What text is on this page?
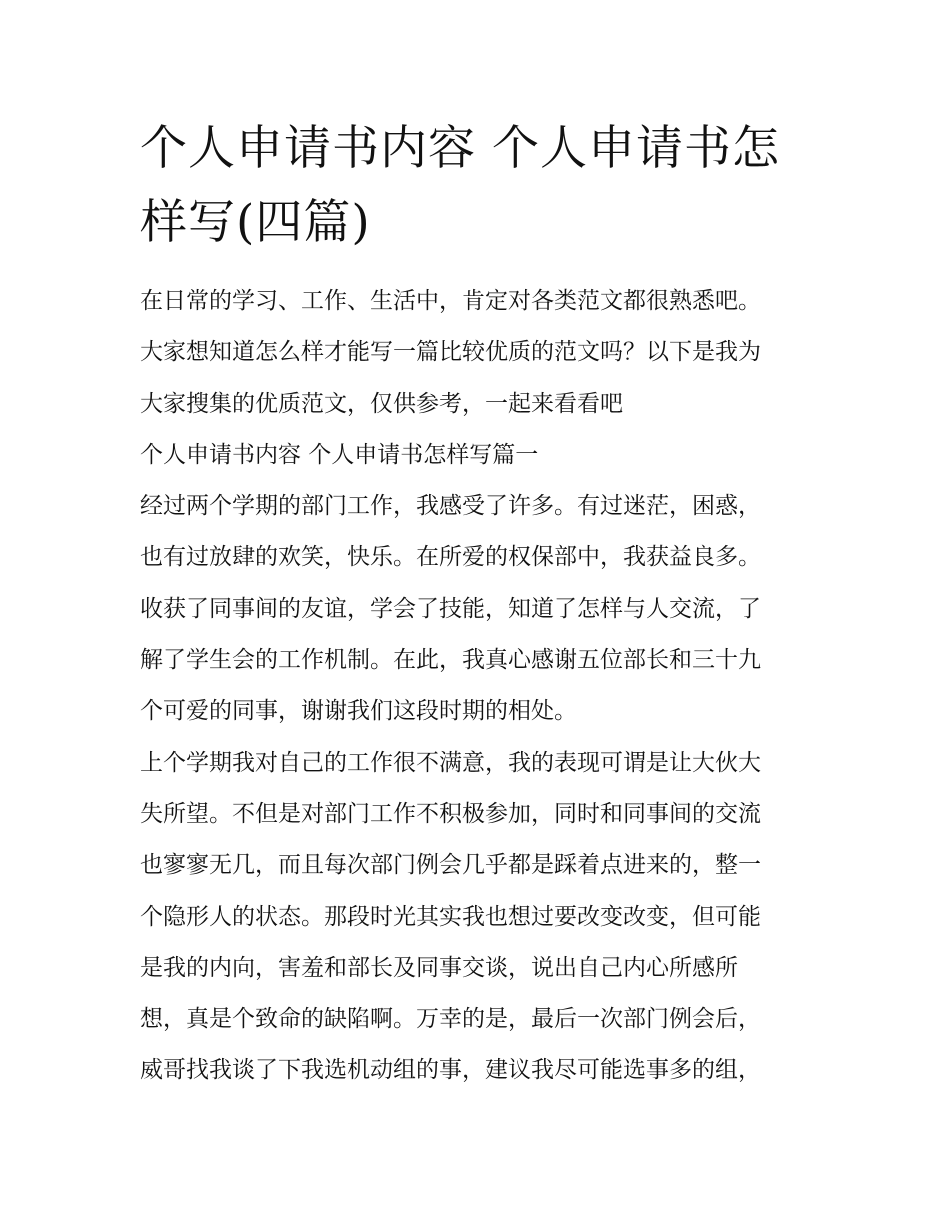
个人申请书内容 个人申请书怎
样写(四篇)
在日常的学习、工作、生活中，肯定对各类范文都很熟悉吧。
大家想知道怎么样才能写一篇比较优质的范文吗？以下是我为
大家搜集的优质范文，仅供参考，一起来看看吧
个人申请书内容 个人申请书怎样写篇一
经过两个学期的部门工作，我感受了许多。有过迷茫，困惑，
也有过放肆的欢笑，快乐。在所爱的权保部中，我获益良多。
收获了同事间的友谊，学会了技能，知道了怎样与人交流，了
解了学生会的工作机制。在此，我真心感谢五位部长和三十九
个可爱的同事，谢谢我们这段时期的相处。
上个学期我对自己的工作很不满意，我的表现可谓是让大伙大
失所望。不但是对部门工作不积极参加，同时和同事间的交流
也寥寥无几，而且每次部门例会几乎都是踩着点进来的，整一
个隐形人的状态。那段时光其实我也想过要改变改变，但可能
是我的内向，害羞和部长及同事交谈，说出自己内心所感所
想，真是个致命的缺陷啊。万幸的是，最后一次部门例会后，
威哥找我谈了下我选机动组的事，建议我尽可能选事多的组，
